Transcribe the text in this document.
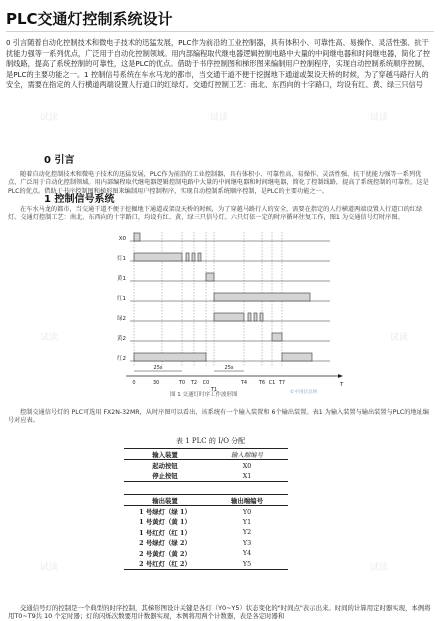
PLC交通灯控制系统设计
0 引言随着自动化控制技术和微电子技术的迅猛发展，PLC作为前沿的工业控制器，具有体积小、可靠性高、易操作、灵活性强、抗干扰能力强等一系列优点，广泛用于自动化控制领域。用内部编程取代继电器逻辑控制电路中大量的中间继电器和时间继电器，简化了控制线路，提高了系统控制的可靠性，这是PLC的优点。借助于书序控制图和梯形图来编制用户控制程序，实现自动控制系统顺序控制，是PLC的主要功能之一。1 控制信号系统在车水马龙的都市，当交通干道不便于挖掘地下通道或架设天桥的时候，为了穿越马路行人的安全，需要在指定的人行横道两端设置人行道口的红绿灯。交通灯控制工艺：南北、东西向的十字路口，均设有红、黄、绿三只信号
0 引言
随着自动化控制技术和微电子技术的迅猛发展，PLC作为前沿的工业控制器，具有体积小、可靠性高、易操作、灵活性强、抗干扰能力强等一系列优点，广泛用于自动化控制领域。用内部编程取代继电器逻辑控制电路中大量的中间继电器和时间继电器，简化了控制线路，提高了系统控制的可靠性，这是PLC的优点。借助于书序控制图和梯形图来编制用户控制程序，实现自动控制系统顺序控制，是PLC的主要功能之一。
1 控制信号系统
在车水马龙的都市，当交通干道不便于挖掘地下通道或架设天桥的时候，为了穿越马路行人的安全，需要在指定的人行横道两端设置人行道口的红绿灯。交通灯控制工艺：南北、东西向的十字路口，均设有红、黄、绿三只信号灯。六只灯依一定的时序循环往复工作，图1 为交通信号灯时序图。
X0
灯1
黄1
红1
绿2
黄2
红2
25s	25s
T
0	30	T0 T2 C0
T1
T4 T6 C1 T7
图 1 交通灯时序工作波形图	©中国信息网
控制交通信号灯的 PLC可选用 FX2N-32MR，从时序图可以看出，该系统有一个输入装置和 6个输出装置。表1 为输入装置与输出装置与PLC的地址编号对应表。
表 1 PLC 的 I/O 分配
输入装置	输入端编号
起动按钮	X0
停止按钮	X1
输出装置	输出端编号
1 号绿灯（绿 1）	Y0
1 号黄灯（黄 1）	Y1
1 号红灯（红 1）	Y2
2 号绿灯（绿 2）	Y3
2 号黄灯（黄 2）	Y4
2 号红灯（红 2）	Y5
交通信号灯的控制是一个典型的时序控制，其梯形图设计关键是各灯（Y0~Y5）状态变化的"时间点"表示出来。时间的计算用定时器实现，本例将用T0~T9共 10 个定时器；灯的闪烁次数要用计数器实现，本例将用两个计数器，表是各定时器和
试读	试读	试读
试读	试读
试读	试读
